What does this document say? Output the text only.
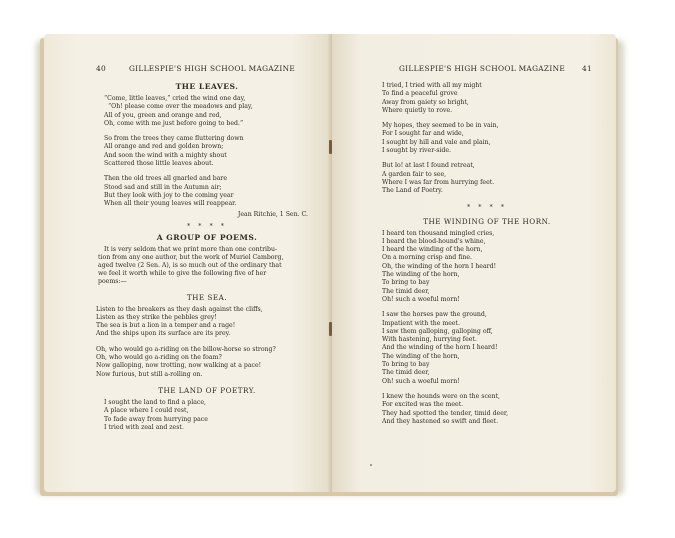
40	GILLESPIE'S HIGH SCHOOL MAGAZINE
THE LEAVES.
“Come, little leaves,” cried the wind one day,
“Oh! please come over the meadows and play,
All of you, green and orange and red,
Oh, come with me just before going to bed.”
So from the trees they came fluttering down
All orange and red and golden brown;
And soon the wind with a mighty shout
Scattered those little leaves about.
Then the old trees all gnarled and bare
Stood sad and still in the Autumn air;
But they look with joy to the coming year
When all their young leaves will reappear.
Jean Ritchie, 1 Sen. C.
* * * *
A GROUP OF POEMS.
It is very seldom that we print more than one contribu-
tion from any one author, but the work of Muriel Camborg,
aged twelve (2 Sen. A), is so much out of the ordinary that
we feel it worth while to give the following five of her
poems:—
THE SEA.
Listen to the breakers as they dash against the cliffs,
Listen as they strike the pebbles grey!
The sea is but a lion in a temper and a rage!
And the ships upon its surface are its prey.
Oh, who would go a-riding on the billow-horse so strong?
Oh, who would go a-riding on the foam?
Now galloping, now trotting, now walking at a pace!
Now furious, but still a-rolling on.
THE LAND OF POETRY.
I sought the land to find a place,
A place where I could rest,
To fade away from hurrying pace
I tried with zeal and zest.
GILLESPIE'S HIGH SCHOOL MAGAZINE 41
I tried, I tried with all my might
To find a peaceful grove
Away from gaiety so bright,
Where quietly to rove.
My hopes, they seemed to be in vain,
For I sought far and wide,
I sought by hill and vale and plain,
I sought by river-side.
But lo! at last I found retreat,
A garden fair to see,
Where I was far from hurrying feet.
The Land of Poetry.
* * * *
THE WINDING OF THE HORN.
I heard ten thousand mingled cries,
I heard the blood-hound's whine,
I heard the winding of the horn,
On a morning crisp and fine.
Oh, the winding of the horn I heard!
The winding of the horn,
To bring to bay
The timid deer,
Oh! such a woeful morn!
I saw the horses paw the ground,
Impatient with the meet.
I saw them galloping, galloping off,
With hastening, hurrying feet.
And the winding of the horn I heard!
The winding of the horn,
To bring to bay
The timid deer,
Oh! such a woeful morn!
I knew the hounds were on the scent,
For excited was the meet.
They had spotted the tender, timid deer,
And they hastened so swift and fleet.
